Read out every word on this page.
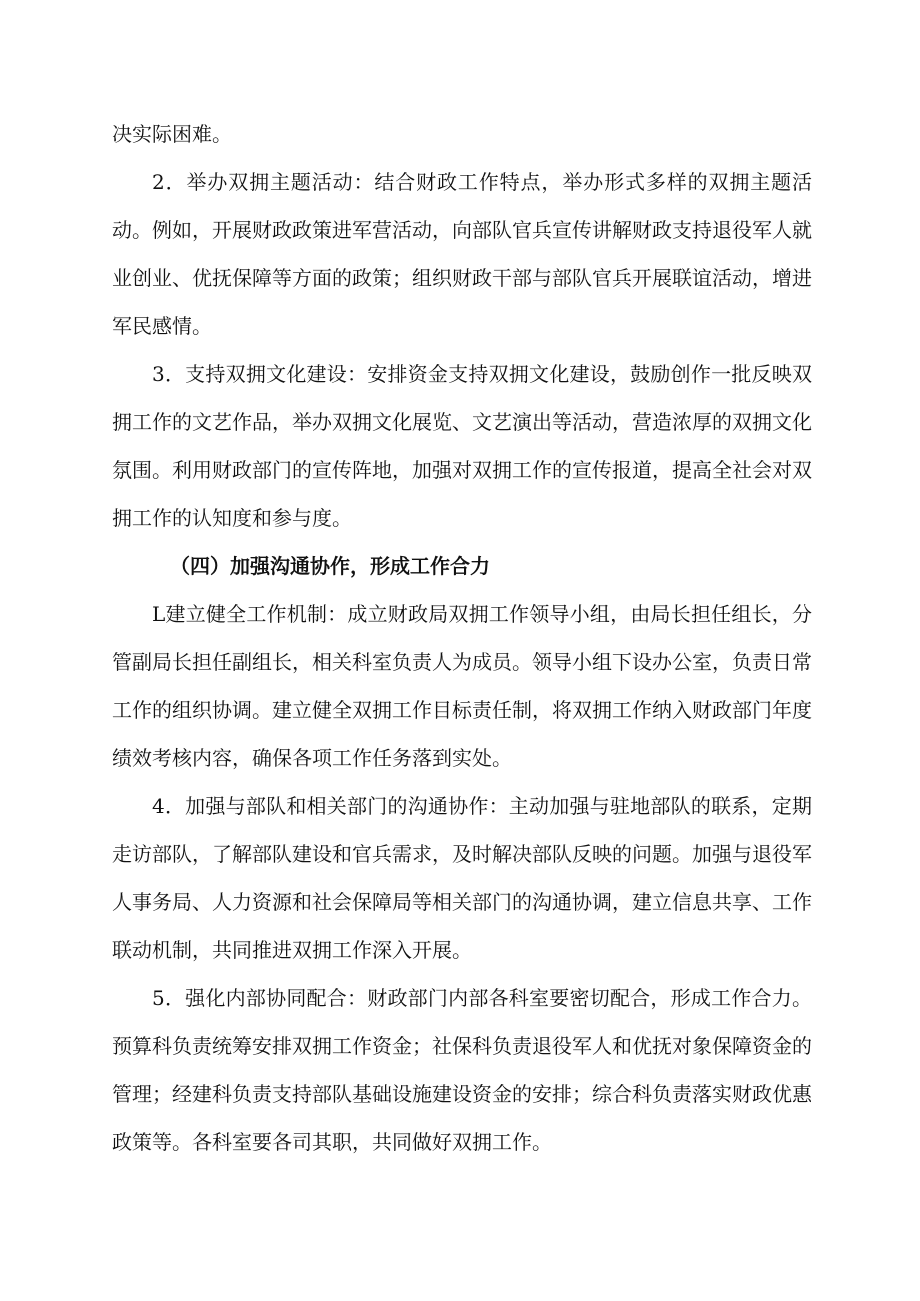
决实际困难。

2．举办双拥主题活动：结合财政工作特点，举办形式多样的双拥主题活动。例如，开展财政政策进军营活动，向部队官兵宣传讲解财政支持退役军人就业创业、优抚保障等方面的政策；组织财政干部与部队官兵开展联谊活动，增进军民感情。

3．支持双拥文化建设：安排资金支持双拥文化建设，鼓励创作一批反映双拥工作的文艺作品，举办双拥文化展览、文艺演出等活动，营造浓厚的双拥文化氛围。利用财政部门的宣传阵地，加强对双拥工作的宣传报道，提高全社会对双拥工作的认知度和参与度。

（四）加强沟通协作，形成工作合力

L建立健全工作机制：成立财政局双拥工作领导小组，由局长担任组长，分管副局长担任副组长，相关科室负责人为成员。领导小组下设办公室，负责日常工作的组织协调。建立健全双拥工作目标责任制，将双拥工作纳入财政部门年度绩效考核内容，确保各项工作任务落到实处。

4．加强与部队和相关部门的沟通协作：主动加强与驻地部队的联系，定期走访部队，了解部队建设和官兵需求，及时解决部队反映的问题。加强与退役军人事务局、人力资源和社会保障局等相关部门的沟通协调，建立信息共享、工作联动机制，共同推进双拥工作深入开展。

5．强化内部协同配合：财政部门内部各科室要密切配合，形成工作合力。预算科负责统筹安排双拥工作资金；社保科负责退役军人和优抚对象保障资金的管理；经建科负责支持部队基础设施建设资金的安排；综合科负责落实财政优惠政策等。各科室要各司其职，共同做好双拥工作。
